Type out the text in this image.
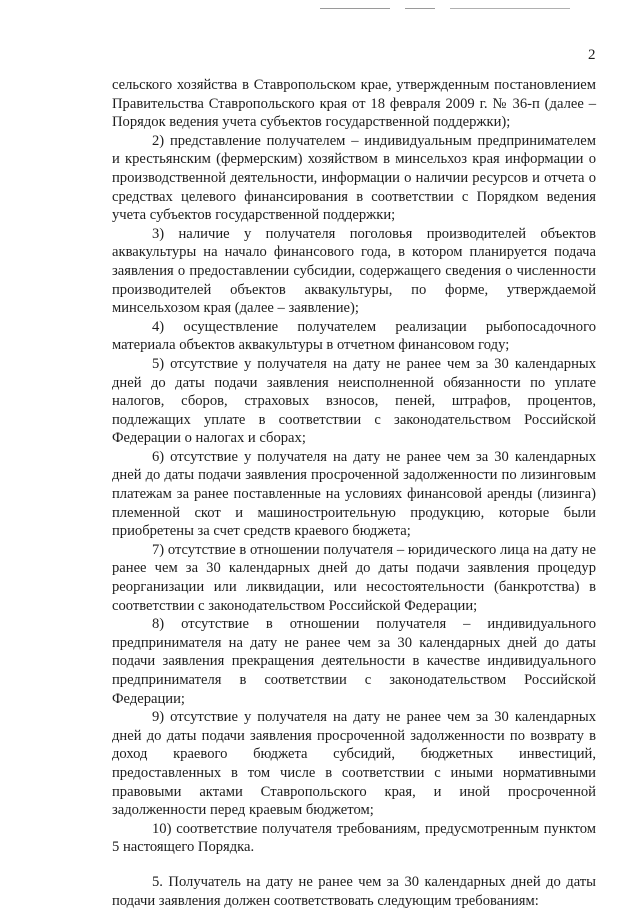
2

сельского хозяйства в Ставропольском крае, утвержденным постановлением Правительства Ставропольского края от 18 февраля 2009 г. № 36-п (далее – Порядок ведения учета субъектов государственной поддержки);

2) представление получателем – индивидуальным предпринимателем и крестьянским (фермерским) хозяйством в минсельхоз края информации о производственной деятельности, информации о наличии ресурсов и отчета о средствах целевого финансирования в соответствии с Порядком ведения учета субъектов государственной поддержки;

3) наличие у получателя поголовья производителей объектов аквакультуры на начало финансового года, в котором планируется подача заявления о предоставлении субсидии, содержащего сведения о численности производителей объектов аквакультуры, по форме, утверждаемой минсельхозом края (далее – заявление);

4) осуществление получателем реализации рыбопосадочного материала объектов аквакультуры в отчетном финансовом году;

5) отсутствие у получателя на дату не ранее чем за 30 календарных дней до даты подачи заявления неисполненной обязанности по уплате налогов, сборов, страховых взносов, пеней, штрафов, процентов, подлежащих уплате в соответствии с законодательством Российской Федерации о налогах и сборах;

6) отсутствие у получателя на дату не ранее чем за 30 календарных дней до даты подачи заявления просроченной задолженности по лизинговым платежам за ранее поставленные на условиях финансовой аренды (лизинга) племенной скот и машиностроительную продукцию, которые были приобретены за счет средств краевого бюджета;

7) отсутствие в отношении получателя – юридического лица на дату не ранее чем за 30 календарных дней до даты подачи заявления процедур реорганизации или ликвидации, или несостоятельности (банкротства) в соответствии с законодательством Российской Федерации;

8) отсутствие в отношении получателя – индивидуального предпринимателя на дату не ранее чем за 30 календарных дней до даты подачи заявления прекращения деятельности в качестве индивидуального предпринимателя в соответствии с законодательством Российской Федерации;

9) отсутствие у получателя на дату не ранее чем за 30 календарных дней до даты подачи заявления просроченной задолженности по возврату в доход краевого бюджета субсидий, бюджетных инвестиций, предоставленных в том числе в соответствии с иными нормативными правовыми актами Ставропольского края, и иной просроченной задолженности перед краевым бюджетом;

10) соответствие получателя требованиям, предусмотренным пунктом 5 настоящего Порядка.

5. Получатель на дату не ранее чем за 30 календарных дней до даты подачи заявления должен соответствовать следующим требованиям:
